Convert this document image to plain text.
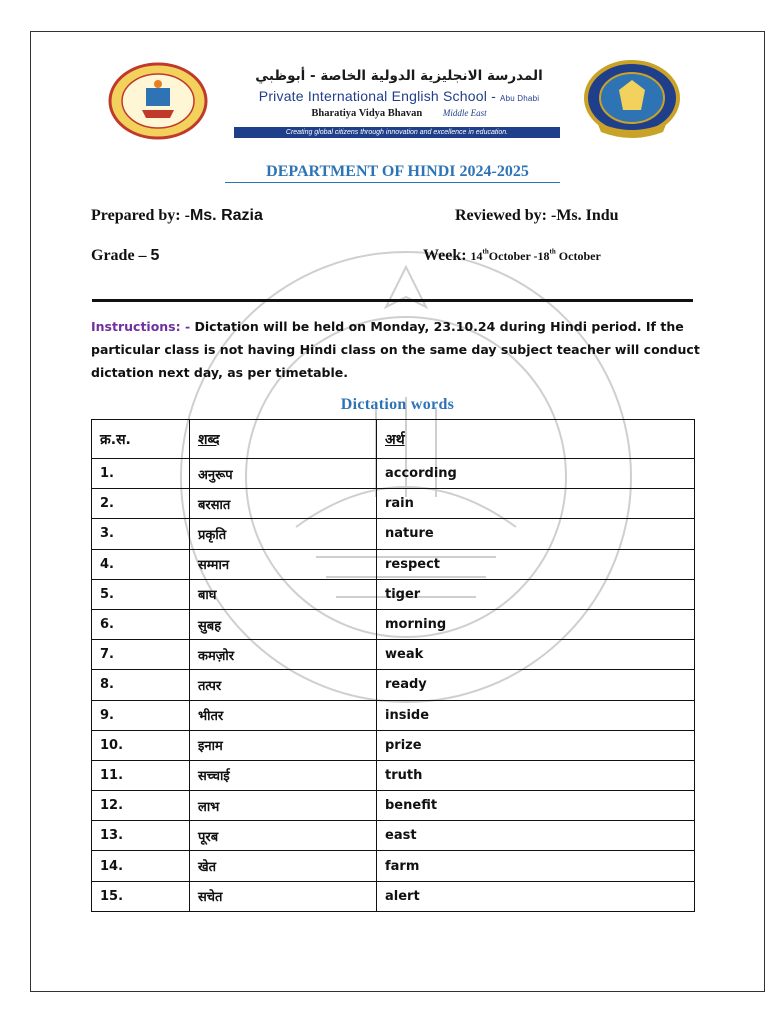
المدرسة الانجليزية الدولية الخاصة - أبوظبي
Private International English School - Abu Dhabi
Bharatiya Vidya Bhavan Middle East
Creating global citizens through innovation and excellence in education.
DEPARTMENT OF HINDI 2024-2025
Prepared by: -Ms. Razia	Reviewed by: -Ms. Indu
Grade – 5	Week: 14thOctober -18th October
Instructions: - Dictation will be held on Monday, 23.10.24 during Hindi period. If the particular class is not having Hindi class on the same day subject teacher will conduct dictation next day, as per timetable.
Dictation words
क्र.स.	शब्द	अर्थ
1.	अनुरूप	according
2.	बरसात	rain
3.	प्रकृति	nature
4.	सम्मान	respect
5.	बाघ	tiger
6.	सुबह	morning
7.	कमज़ोर	weak
8.	तत्पर	ready
9.	भीतर	inside
10.	इनाम	prize
11.	सच्चाई	truth
12.	लाभ	benefit
13.	पूरब	east
14.	खेत	farm
15.	सचेत	alert
